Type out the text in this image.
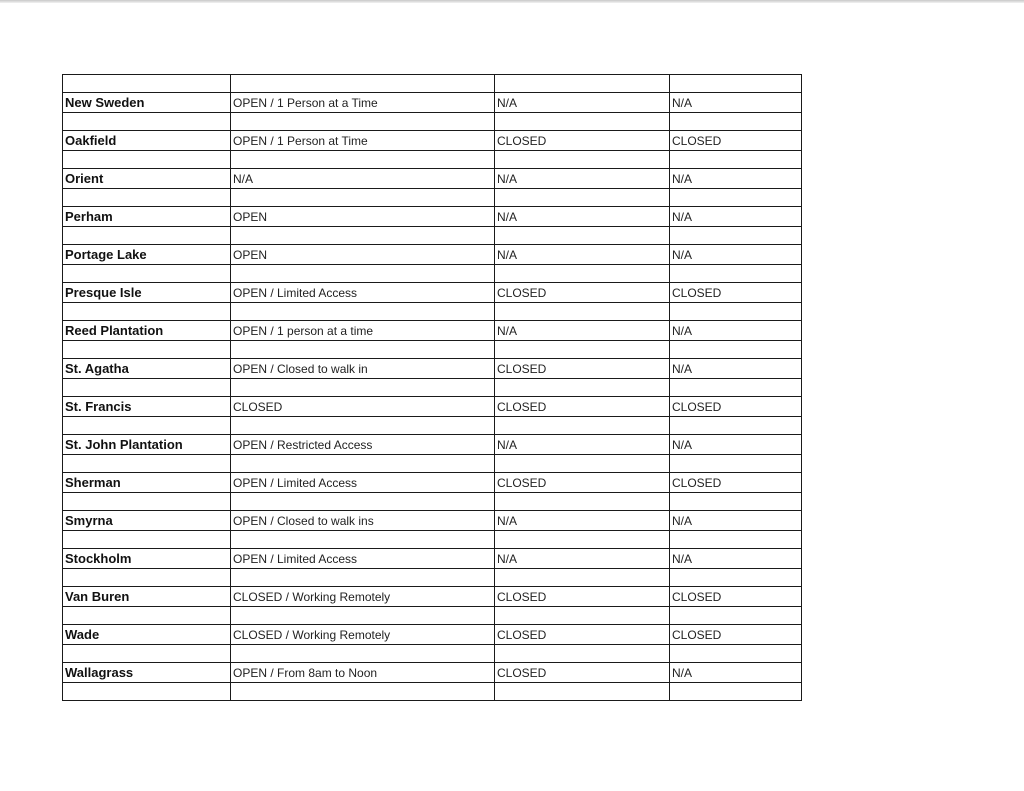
New Sweden	OPEN / 1 Person at a Time	N/A	N/A

Oakfield	OPEN / 1 Person at Time	CLOSED	CLOSED

Orient	N/A	N/A	N/A

Perham	OPEN	N/A	N/A

Portage Lake	OPEN	N/A	N/A

Presque Isle	OPEN / Limited Access	CLOSED	CLOSED

Reed Plantation	OPEN / 1 person at a time	N/A	N/A

St. Agatha	OPEN / Closed to walk in	CLOSED	N/A

St. Francis	CLOSED	CLOSED	CLOSED

St. John Plantation	OPEN / Restricted Access	N/A	N/A

Sherman	OPEN / Limited Access	CLOSED	CLOSED

Smyrna	OPEN / Closed to walk ins	N/A	N/A

Stockholm	OPEN / Limited Access	N/A	N/A

Van Buren	CLOSED / Working Remotely	CLOSED	CLOSED

Wade	CLOSED / Working Remotely	CLOSED	CLOSED

Wallagrass	OPEN / From 8am to Noon	CLOSED	N/A
